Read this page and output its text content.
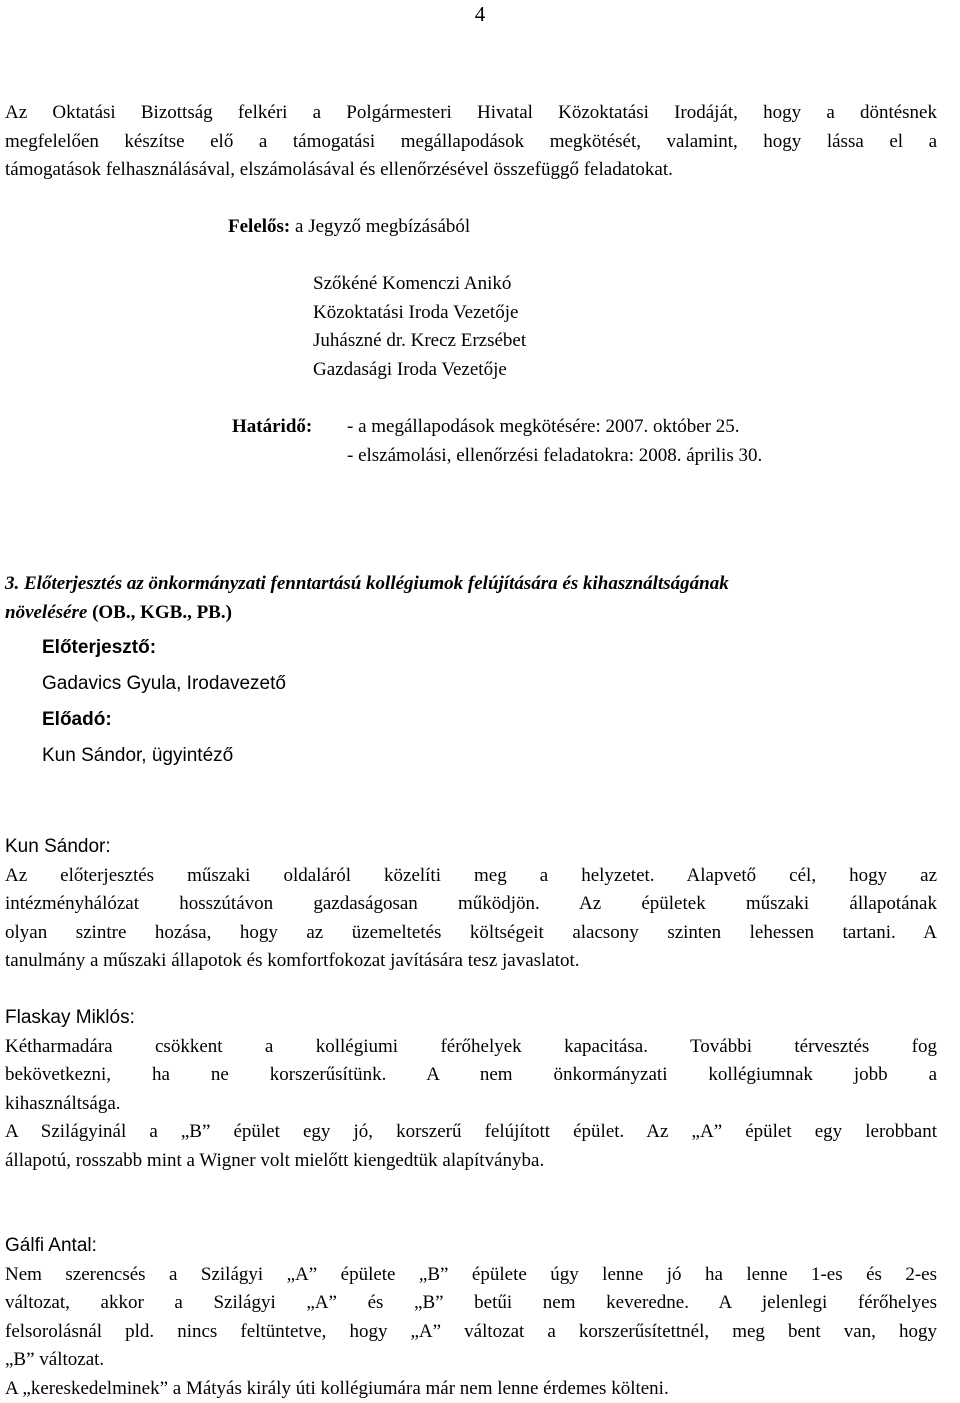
4
Az Oktatási Bizottság felkéri a Polgármesteri Hivatal Közoktatási Irodáját, hogy a döntésnek
megfelelően készítse elő a támogatási megállapodások megkötését, valamint, hogy lássa el a
támogatások felhasználásával, elszámolásával és ellenőrzésével összefüggő feladatokat.
Felelős: a Jegyző megbízásából
Szőkéné Komenczi Anikó
Közoktatási Iroda Vezetője
Juhászné dr. Krecz Erzsébet
Gazdasági Iroda Vezetője
Határidő: - a megállapodások megkötésére: 2007. október 25.
- elszámolási, ellenőrzési feladatokra: 2008. április 30.
3. Előterjesztés az önkormányzati fenntartású kollégiumok felújítására és kihasználtságának
növelésére (OB., KGB., PB.)
Előterjesztő:
Gadavics Gyula, Irodavezető
Előadó:
Kun Sándor, ügyintéző
Kun Sándor:
Az előterjesztés műszaki oldaláról közelíti meg a helyzetet. Alapvető cél, hogy az
intézményhálózat hosszútávon gazdaságosan működjön. Az épületek műszaki állapotának
olyan szintre hozása, hogy az üzemeltetés költségeit alacsony szinten lehessen tartani. A
tanulmány a műszaki állapotok és komfortfokozat javítására tesz javaslatot.
Flaskay Miklós:
Kétharmadára csökkent a kollégiumi férőhelyek kapacitása. További térvesztés fog
bekövetkezni, ha ne korszerűsítünk. A nem önkormányzati kollégiumnak jobb a
kihasználtsága.
A Szilágyinál a „B” épület egy jó, korszerű felújított épület. Az „A” épület egy lerobbant
állapotú, rosszabb mint a Wigner volt mielőtt kiengedtük alapítványba.
Gálfi Antal:
Nem szerencsés a Szilágyi „A” épülete „B” épülete úgy lenne jó ha lenne 1-es és 2-es
változat, akkor a Szilágyi „A” és „B” betűi nem keveredne. A jelenlegi férőhelyes
felsorolásnál pld. nincs feltüntetve, hogy „A” változat a korszerűsítettnél, meg bent van, hogy
„B” változat.
A „kereskedelminek” a Mátyás király úti kollégiumára már nem lenne érdemes költeni.
